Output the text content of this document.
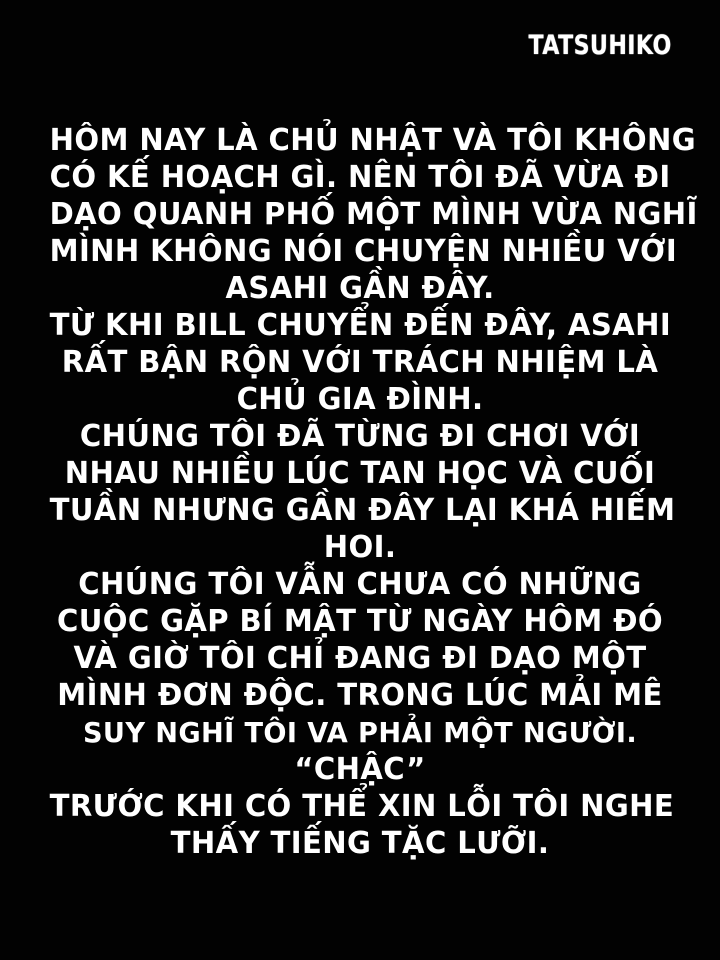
TATSUHIKO
HÔM NAY LÀ CHỦ NHẬT VÀ TÔI KHÔNG
CÓ KẾ HOẠCH GÌ. NÊN TÔI ĐÃ VỪA ĐI
DẠO QUANH PHỐ MỘT MÌNH VỪA NGHĨ
MÌNH KHÔNG NÓI CHUYỆN NHIỀU VỚI
ASAHI GẦN ĐÂY.
TỪ KHI BILL CHUYỂN ĐẾN ĐÂY, ASAHI
RẤT BẬN RỘN VỚI TRÁCH NHIỆM LÀ
CHỦ GIA ĐÌNH.
CHÚNG TÔI ĐÃ TỪNG ĐI CHƠI VỚI
NHAU NHIỀU LÚC TAN HỌC VÀ CUỐI
TUẦN NHƯNG GẦN ĐÂY LẠI KHÁ HIẾM
HOI.
CHÚNG TÔI VẪN CHƯA CÓ NHỮNG
CUỘC GẶP BÍ MẬT TỪ NGÀY HÔM ĐÓ
VÀ GIỜ TÔI CHỈ ĐANG ĐI DẠO MỘT
MÌNH ĐƠN ĐỘC. TRONG LÚC MẢI MÊ
SUY NGHĨ TÔI VA PHẢI MỘT NGƯỜI.
“CHẬC”
TRƯỚC KHI CÓ THỂ XIN LỖI TÔI NGHE
THẤY TIẾNG TẶC LƯỠI.
